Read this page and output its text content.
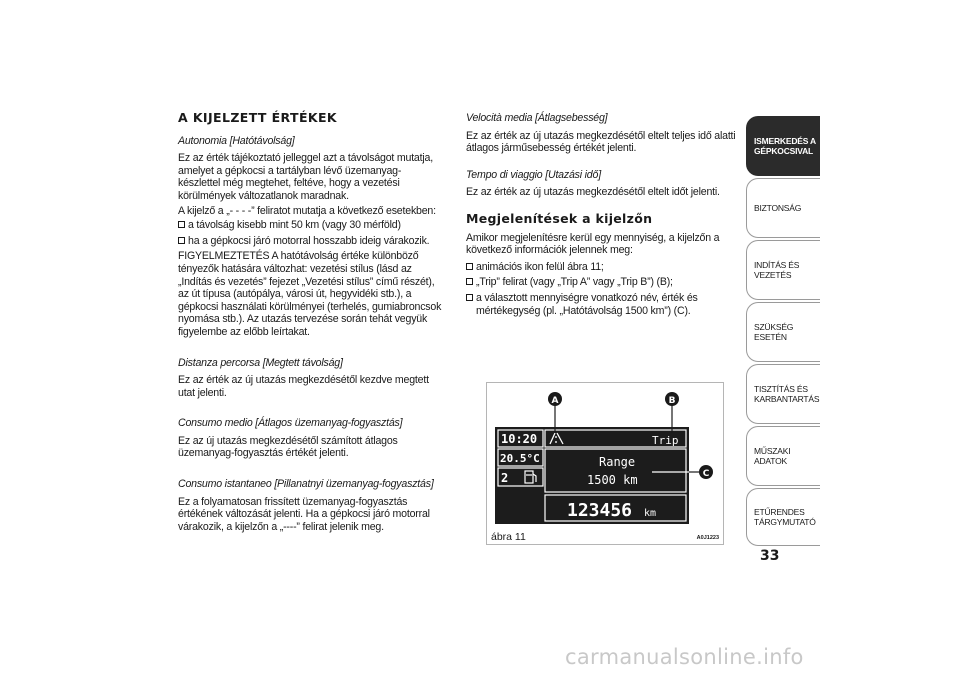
A KIJELZETT ÉRTÉKEK
Autonomia [Hatótávolság]

Ez az érték tájékoztató jelleggel azt a távolságot mutatja, amelyet a gépkocsi a tartályban lévő üzemanyag-készlettel még megtehet, feltéve, hogy a vezetési körülmények változatlanok maradnak.

A kijelző a „- - - -” feliratot mutatja a következő esetekben:

a távolság kisebb mint 50 km (vagy 30 mérföld)
ha a gépkocsi járó motorral hosszabb ideig várakozik.

FIGYELMEZTETÉS A hatótávolság értéke különböző tényezők hatására változhat: vezetési stílus (lásd az „Indítás és vezetés” fejezet „Vezetési stílus” című részét), az út típusa (autópálya, városi út, hegyvidéki stb.), a gépkocsi használati körülményei (terhelés, gumiabroncsok nyomása stb.). Az utazás tervezése során tehát vegyük figyelembe az előbb leírtakat.

Distanza percorsa [Megtett távolság]

Ez az érték az új utazás megkezdésétől kezdve megtett utat jelenti.

Consumo medio [Átlagos üzemanyag-fogyasztás]

Ez az új utazás megkezdésétől számított átlagos üzemanyag-fogyasztás értékét jelenti.

Consumo istantaneo [Pillanatnyi üzemanyag-fogyasztás]

Ez a folyamatosan frissített üzemanyag-fogyasztás értékének változását jelenti. Ha a gépkocsi járó motorral várakozik, a kijelzőn a „----” felirat jelenik meg.

Velocità media [Átlagsebesség]

Ez az érték az új utazás megkezdésétől eltelt teljes idő alatti átlagos járműsebesség értékét jelenti.

Tempo di viaggio [Utazási idő]

Ez az érték az új utazás megkezdésétől eltelt időt jelenti.

Megjelenítések a kijelzőn

Amikor megjelenítésre kerül egy mennyiség, a kijelzőn a következő információk jelennek meg:

animációs ikon felül ábra 11;
„Trip” felirat (vagy „Trip A” vagy „Trip B”) (B);
a választott mennyiségre vonatkozó név, érték és mértékegység (pl. „Hatótávolság 1500 km”) (C).
10:20
20.5°C
2
Trip
Range
1500 km
123456 km
A	B
C
ábra 11	A0J1223
ISMERKEDÉS A GÉPKOCSIVAL
BIZTONSÁG
INDÍTÁS ÉS VEZETÉS
SZÜKSÉG ESETÉN
TISZTÍTÁS ÉS KARBANTARTÁS
MŰSZAKI ADATOK
ETŰRENDES TÁRGYMUTATÓ
33
carmanualsonline.info
